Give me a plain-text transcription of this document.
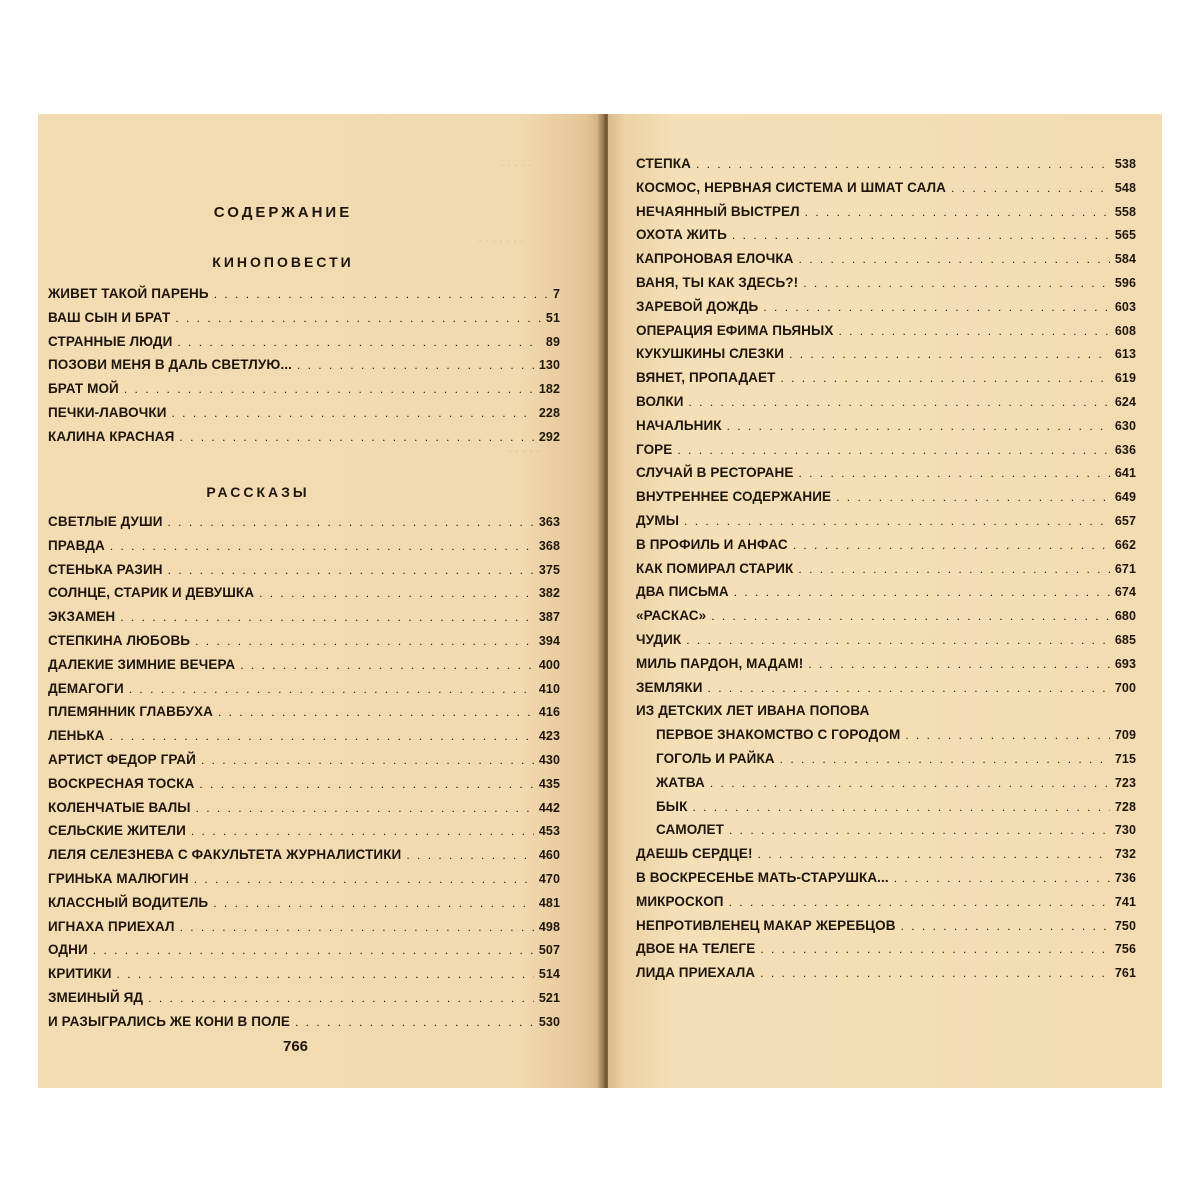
· · · · ·
· · · · · · ·
· · · · ·
СОДЕРЖАНИЕ
КИНОПОВЕСТИ
ЖИВЕТ ТАКОЙ ПАРЕНЬ . . .	7
ВАШ СЫН И БРАТ . . .	51
СТРАННЫЕ ЛЮДИ . . .	89
ПОЗОВИ МЕНЯ В ДАЛЬ СВЕТЛУЮ... . . .	130
БРАТ МОЙ . . .	182
ПЕЧКИ-ЛАВОЧКИ . . .	228
КАЛИНА КРАСНАЯ . . .	292
РАССКАЗЫ
СВЕТЛЫЕ ДУШИ . . .	363
ПРАВДА . . .	368
СТЕНЬКА РАЗИН . . .	375
СОЛНЦЕ, СТАРИК И ДЕВУШКА . . .	382
ЭКЗАМЕН . . .	387
СТЕПКИНА ЛЮБОВЬ . . .	394
ДАЛЕКИЕ ЗИМНИЕ ВЕЧЕРА . . .	400
ДЕМАГОГИ . . .	410
ПЛЕМЯННИК ГЛАВБУХА . . .	416
ЛЕНЬКА . . .	423
АРТИСТ ФЕДОР ГРАЙ . . .	430
ВОСКРЕСНАЯ ТОСКА . . .	435
КОЛЕНЧАТЫЕ ВАЛЫ . . .	442
СЕЛЬСКИЕ ЖИТЕЛИ . . .	453
ЛЕЛЯ СЕЛЕЗНЕВА С ФАКУЛЬТЕТА ЖУРНАЛИСТИКИ . . .	460
ГРИНЬКА МАЛЮГИН . . .	470
КЛАССНЫЙ ВОДИТЕЛЬ . . .	481
ИГНАХА ПРИЕХАЛ . . .	498
ОДНИ . . .	507
КРИТИКИ . . .	514
ЗМЕИНЫЙ ЯД . . .	521
И РАЗЫГРАЛИСЬ ЖЕ КОНИ В ПОЛЕ . . .	530
766
СТЕПКА . . .	538
КОСМОС, НЕРВНАЯ СИСТЕМА И ШМАТ САЛА . . .	548
НЕЧАЯННЫЙ ВЫСТРЕЛ . . .	558
ОХОТА ЖИТЬ . . .	565
КАПРОНОВАЯ ЕЛОЧКА . . .	584
ВАНЯ, ТЫ КАК ЗДЕСЬ?! . . .	596
ЗАРЕВОЙ ДОЖДЬ . . .	603
ОПЕРАЦИЯ ЕФИМА ПЬЯНЫХ . . .	608
КУКУШКИНЫ СЛЕЗКИ . . .	613
ВЯНЕТ, ПРОПАДАЕТ . . .	619
ВОЛКИ . . .	624
НАЧАЛЬНИК . . .	630
ГОРЕ . . .	636
СЛУЧАЙ В РЕСТОРАНЕ . . .	641
ВНУТРЕННЕЕ СОДЕРЖАНИЕ . . .	649
ДУМЫ . . .	657
В ПРОФИЛЬ И АНФАС . . .	662
КАК ПОМИРАЛ СТАРИК . . .	671
ДВА ПИСЬМА . . .	674
«РАСКАС» . . .	680
ЧУДИК . . .	685
МИЛЬ ПАРДОН, МАДАМ! . . .	693
ЗЕМЛЯКИ . . .	700
ИЗ ДЕТСКИХ ЛЕТ ИВАНА ПОПОВА
ПЕРВОЕ ЗНАКОМСТВО С ГОРОДОМ . . .	709
ГОГОЛЬ И РАЙКА . . .	715
ЖАТВА . . .	723
БЫК . . .	728
САМОЛЕТ . . .	730
ДАЕШЬ СЕРДЦЕ! . . .	732
В ВОСКРЕСЕНЬЕ МАТЬ-СТАРУШКА... . . .	736
МИКРОСКОП . . .	741
НЕПРОТИВЛЕНЕЦ МАКАР ЖЕРЕБЦОВ . . .	750
ДВОЕ НА ТЕЛЕГЕ . . .	756
ЛИДА ПРИЕХАЛА . . .	761
